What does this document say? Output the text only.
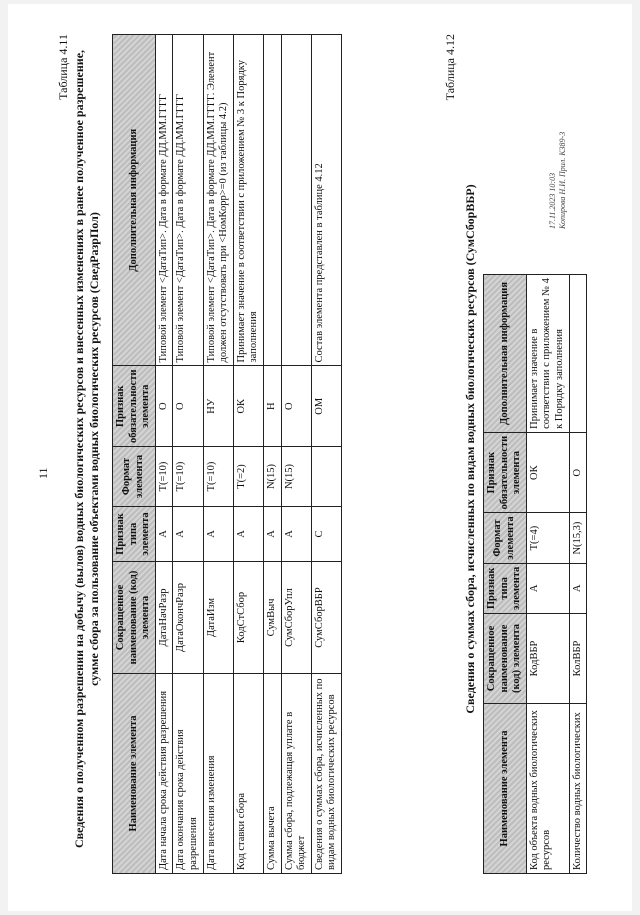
11
Таблица 4.11 Сведения о полученном разрешении на добычу (вылов) водных биологических ресурсов и внесенных изменениях в ранее полученное разрешение, сумме сбора за пользование объектами водных биологических ресурсов (СведРазрПол)
Наименование элемента	Сокращенное наименование (код) элемента	Признак типа элемента	Формат элемента	Признак обязательности элемента	Дополнительная информация
Дата начала срока действия разрешения	ДатаНачРазр	А	T(=10)	О	Типовой элемент <ДатаТип>. Дата в формате ДД.ММ.ГГГГ
Дата окончания срока действия разрешения	ДатаОкончРазр	А	T(=10)	О	Типовой элемент <ДатаТип>. Дата в формате ДД.ММ.ГГГГ
Дата внесения изменения	ДатаИзм	А	T(=10)	НУ	Типовой элемент <ДатаТип>. Дата в формате ДД.ММ.ГГГГ. Элемент должен отсутствовать при <НомКорр>=0 (из таблицы 4.2)
Код ставки сбора	КодСтСбор	А	T(=2)	ОК	Принимает значение в соответствии с приложением № 3 к Порядку заполнения
Сумма вычета	СумВыч	А	N(15)	Н	
Сумма сбора, подлежащая уплате в бюджет	СумСборУпл	А	N(15)	О	
Сведения о суммах сбора, исчисленных по видам водных биологических ресурсов	СумСборВБР	С		ОМ	Состав элемента представлен в таблице 4.12
Таблица 4.12
Сведения о суммах сбора, исчисленных по видам водных биологических ресурсов (СумСборВБР)
Наименование элемента	Сокращенное наименование (код) элемента	Признак типа элемента	Формат элемента	Признак обязательности элемента	Дополнительная информация
Код объекта водных биологических ресурсов	КодВБР	А	T(=4)	ОК	Принимает значение в соответствии с приложением № 4 к Порядку заполнения
Количество водных биологических	КолВБР	А	N(15,3)	О	
17.11.2023 10:03 Копирова Н.И. Прил. К389-3
